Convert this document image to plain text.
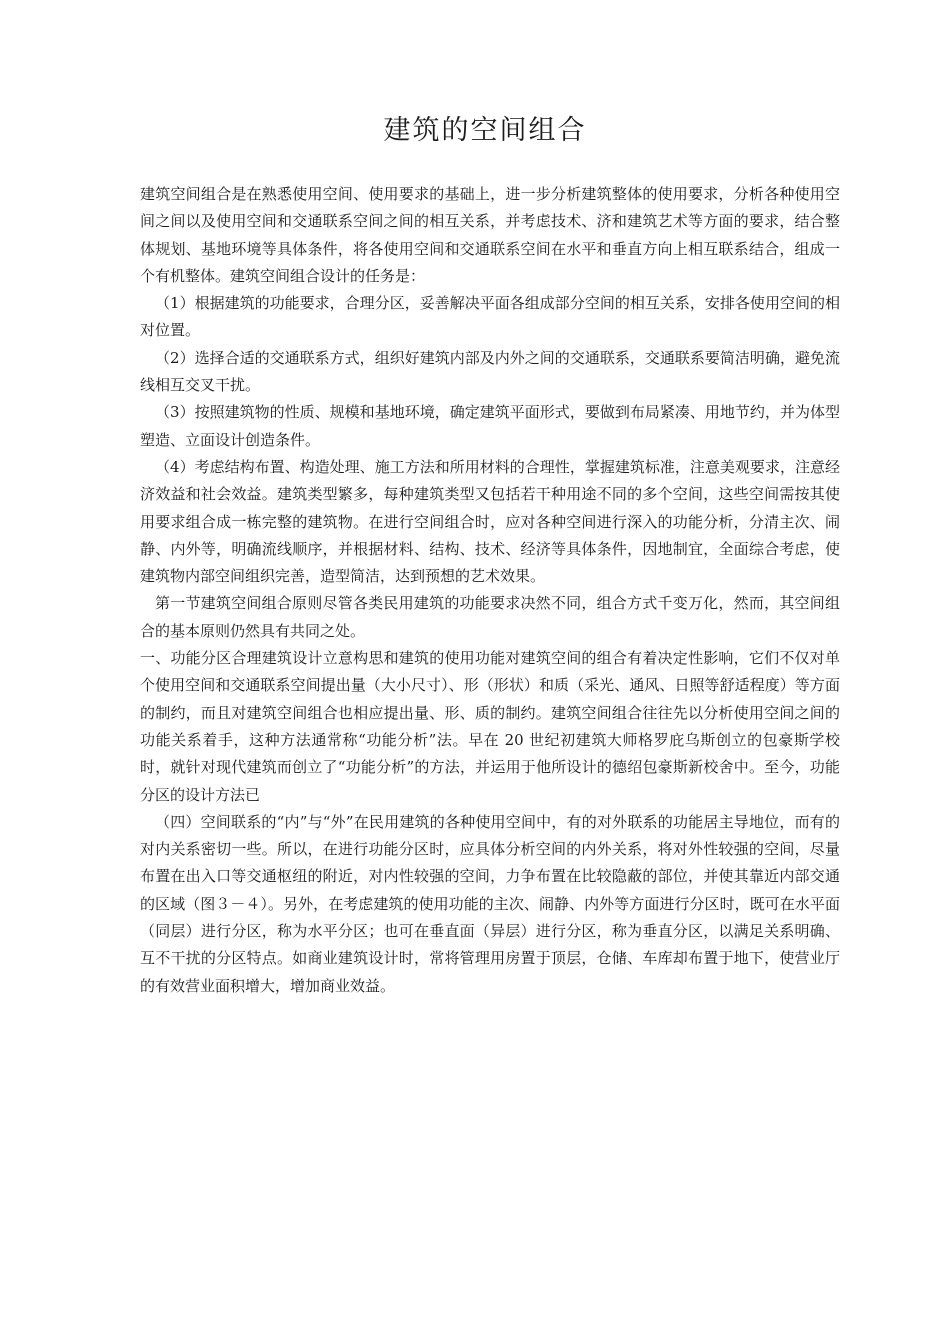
建筑的空间组合

建筑空间组合是在熟悉使用空间、使用要求的基础上，进一步分析建筑整体的使用要求，分析各种使用空间之间以及使用空间和交通联系空间之间的相互关系，并考虑技术、济和建筑艺术等方面的要求，结合整体规划、基地环境等具体条件，将各使用空间和交通联系空间在水平和垂直方向上相互联系结合，组成一个有机整体。建筑空间组合设计的任务是：

（1）根据建筑的功能要求，合理分区，妥善解决平面各组成部分空间的相互关系，安排各使用空间的相对位置。

（2）选择合适的交通联系方式，组织好建筑内部及内外之间的交通联系，交通联系要简洁明确，避免流线相互交叉干扰。

（3）按照建筑物的性质、规模和基地环境，确定建筑平面形式，要做到布局紧凑、用地节约，并为体型塑造、立面设计创造条件。

（4）考虑结构布置、构造处理、施工方法和所用材料的合理性，掌握建筑标准，注意美观要求，注意经济效益和社会效益。建筑类型繁多，每种建筑类型又包括若干种用途不同的多个空间，这些空间需按其使用要求组合成一栋完整的建筑物。在进行空间组合时，应对各种空间进行深入的功能分析，分清主次、闹静、内外等，明确流线顺序，并根据材料、结构、技术、经济等具体条件，因地制宜，全面综合考虑，使建筑物内部空间组织完善，造型简洁，达到预想的艺术效果。

第一节建筑空间组合原则尽管各类民用建筑的功能要求决然不同，组合方式千变万化，然而，其空间组合的基本原则仍然具有共同之处。

一、功能分区合理建筑设计立意构思和建筑的使用功能对建筑空间的组合有着决定性影响，它们不仅对单个使用空间和交通联系空间提出量（大小尺寸）、形（形状）和质（采光、通风、日照等舒适程度）等方面的制约，而且对建筑空间组合也相应提出量、形、质的制约。建筑空间组合往往先以分析使用空间之间的功能关系着手，这种方法通常称“功能分析”法。早在 20 世纪初建筑大师格罗庇乌斯创立的包豪斯学校时，就针对现代建筑而创立了“功能分析”的方法，并运用于他所设计的德绍包豪斯新校舍中。至今，功能分区的设计方法已

（四）空间联系的“内”与“外”在民用建筑的各种使用空间中，有的对外联系的功能居主导地位，而有的对内关系密切一些。所以，在进行功能分区时，应具体分析空间的内外关系，将对外性较强的空间，尽量布置在出入口等交通枢纽的附近，对内性较强的空间，力争布置在比较隐蔽的部位，并使其靠近内部交通的区域（图３－４）。另外，在考虑建筑的使用功能的主次、闹静、内外等方面进行分区时，既可在水平面（同层）进行分区，称为水平分区；也可在垂直面（异层）进行分区，称为垂直分区，以满足关系明确、互不干扰的分区特点。如商业建筑设计时，常将管理用房置于顶层，仓储、车库却布置于地下，使营业厅的有效营业面积增大，增加商业效益。
